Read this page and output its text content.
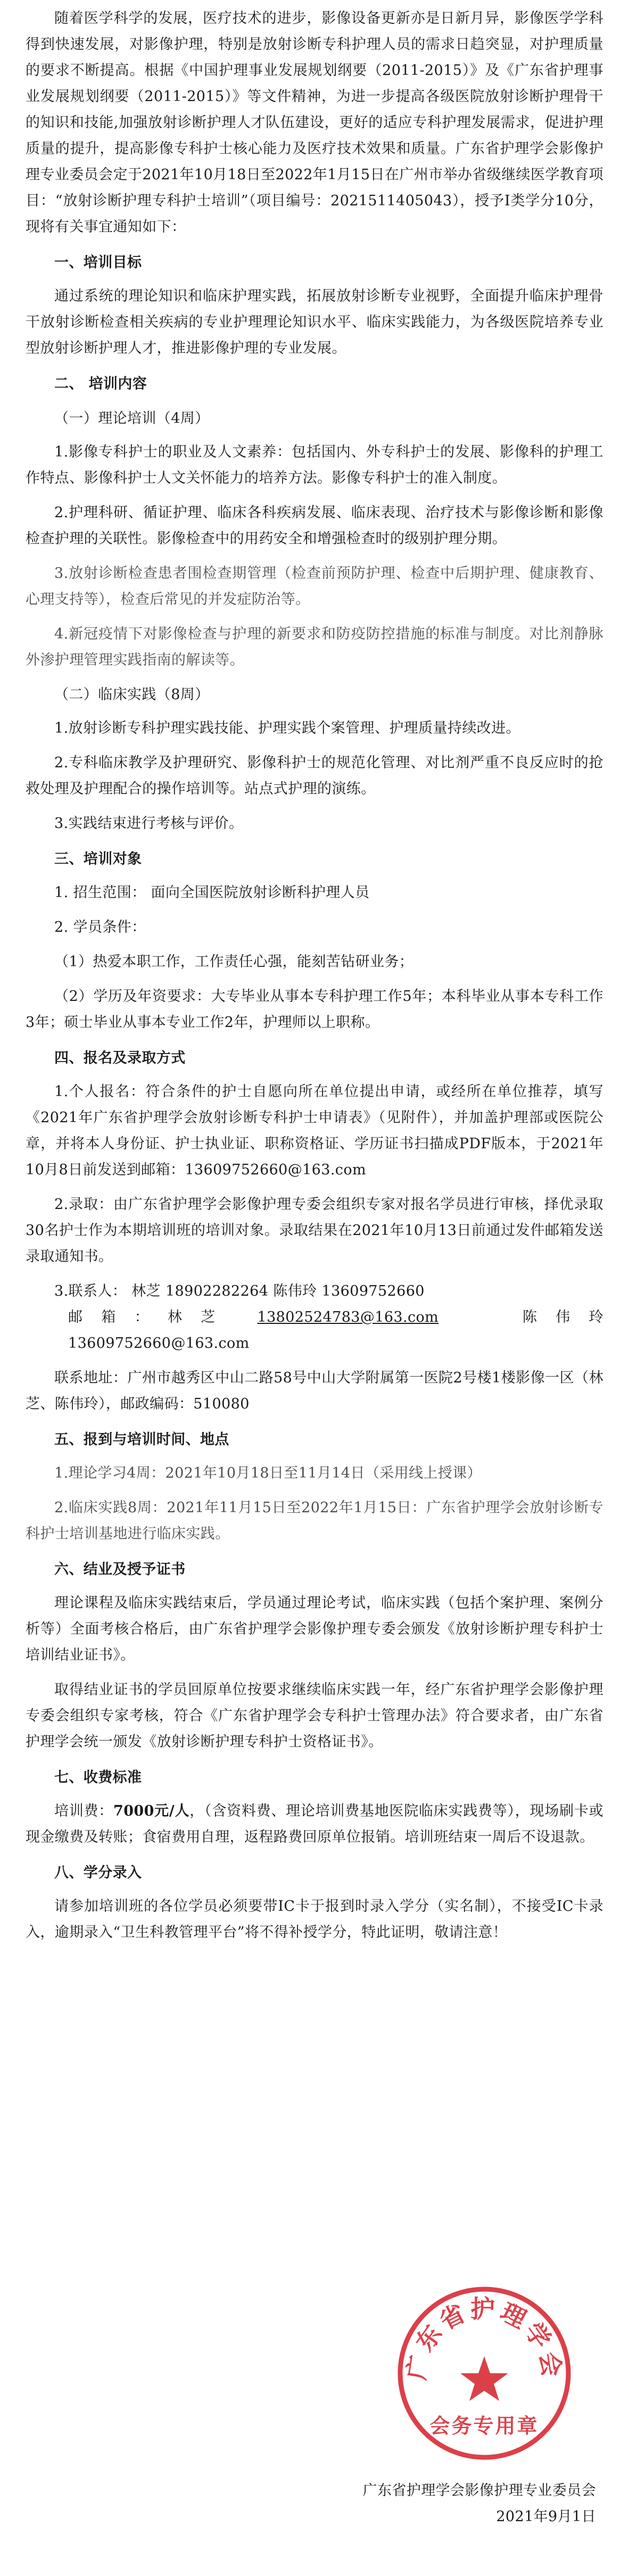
随着医学科学的发展，医疗技术的进步，影像设备更新亦是日新月异，影像医学学科得到快速发展，对影像护理，特别是放射诊断专科护理人员的需求日趋突显，对护理质量的要求不断提高。根据《中国护理事业发展规划纲要（2011-2015）》及《广东省护理事业发展规划纲要（2011-2015）》等文件精神，为进一步提高各级医院放射诊断护理骨干的知识和技能,加强放射诊断护理人才队伍建设，更好的适应专科护理发展需求，促进护理质量的提升，提高影像专科护士核心能力及医疗技术效果和质量。广东省护理学会影像护理专业委员会定于2021年10月18日至2022年1月15日在广州市举办省级继续医学教育项目：“放射诊断护理专科护士培训”（项目编号：2021511405043），授予Ⅰ类学分10分，现将有关事宜通知如下：

一、培训目标

通过系统的理论知识和临床护理实践，拓展放射诊断专业视野，全面提升临床护理骨干放射诊断检查相关疾病的专业护理理论知识水平、临床实践能力，为各级医院培养专业型放射诊断护理人才，推进影像护理的专业发展。

二、 培训内容

（一）理论培训（4周）

1.影像专科护士的职业及人文素养：包括国内、外专科护士的发展、影像科的护理工作特点、影像科护士人文关怀能力的培养方法。影像专科护士的准入制度。

2.护理科研、循证护理、临床各科疾病发展、临床表现、治疗技术与影像诊断和影像检查护理的关联性。影像检查中的用药安全和增强检查时的级别护理分期。

3.放射诊断检查患者围检查期管理（检查前预防护理、检查中后期护理、健康教育、心理支持等），检查后常见的并发症防治等。

4.新冠疫情下对影像检查与护理的新要求和防疫防控措施的标准与制度。对比剂静脉外渗护理管理实践指南的解读等。

（二）临床实践（8周）

1.放射诊断专科护理实践技能、护理实践个案管理、护理质量持续改进。

2.专科临床教学及护理研究、影像科护士的规范化管理、对比剂严重不良反应时的抢救处理及护理配合的操作培训等。站点式护理的演练。

3.实践结束进行考核与评价。

三、培训对象

1. 招生范围： 面向全国医院放射诊断科护理人员

2. 学员条件：

（1）热爱本职工作，工作责任心强，能刻苦钻研业务；

（2）学历及年资要求：大专毕业从事本专科护理工作5年；本科毕业从事本专科工作3年；硕士毕业从事本专业工作2年，护理师以上职称。

四、报名及录取方式

1.个人报名：符合条件的护士自愿向所在单位提出申请，或经所在单位推荐，填写《2021年广东省护理学会放射诊断专科护士申请表》（见附件），并加盖护理部或医院公章，并将本人身份证、护士执业证、职称资格证、学历证书扫描成PDF版本，于2021年10月8日前发送到邮箱：13609752660@163.com

2.录取：由广东省护理学会影像护理专委会组织专家对报名学员进行审核，择优录取30名护士作为本期培训班的培训对象。录取结果在2021年10月13日前通过发件邮箱发送录取通知书。

3.联系人： 林芝 18902282264 陈伟玲 13609752660

邮箱：林芝 13802524783@163.com	陈伟玲 13609752660@163.com

联系地址：广州市越秀区中山二路58号中山大学附属第一医院2号楼1楼影像一区（林芝、陈伟玲），邮政编码：510080

五、报到与培训时间、地点

1.理论学习4周：2021年10月18日至11月14日（采用线上授课）

2.临床实践8周：2021年11月15日至2022年1月15日：广东省护理学会放射诊断专科护士培训基地进行临床实践。

六、结业及授予证书

理论课程及临床实践结束后，学员通过理论考试，临床实践（包括个案护理、案例分析等）全面考核合格后，由广东省护理学会影像护理专委会颁发《放射诊断护理专科护士培训结业证书》。

取得结业证书的学员回原单位按要求继续临床实践一年，经广东省护理学会影像护理专委会组织专家考核，符合《广东省护理学会专科护士管理办法》符合要求者，由广东省护理学会统一颁发《放射诊断护理专科护士资格证书》。

七、收费标准

培训费：7000元/人，（含资料费、理论培训费基地医院临床实践费等），现场刷卡或现金缴费及转账；食宿费用自理，返程路费回原单位报销。培训班结束一周后不设退款。

八、学分录入

请参加培训班的各位学员必须要带IC卡于报到时录入学分（实名制），不接受IC卡录入，逾期录入“卫生科教管理平台”将不得补授学分，特此证明，敬请注意！

广东省护理学会
会务专用章

广东省护理学会影像护理专业委员会

2021年9月1日
